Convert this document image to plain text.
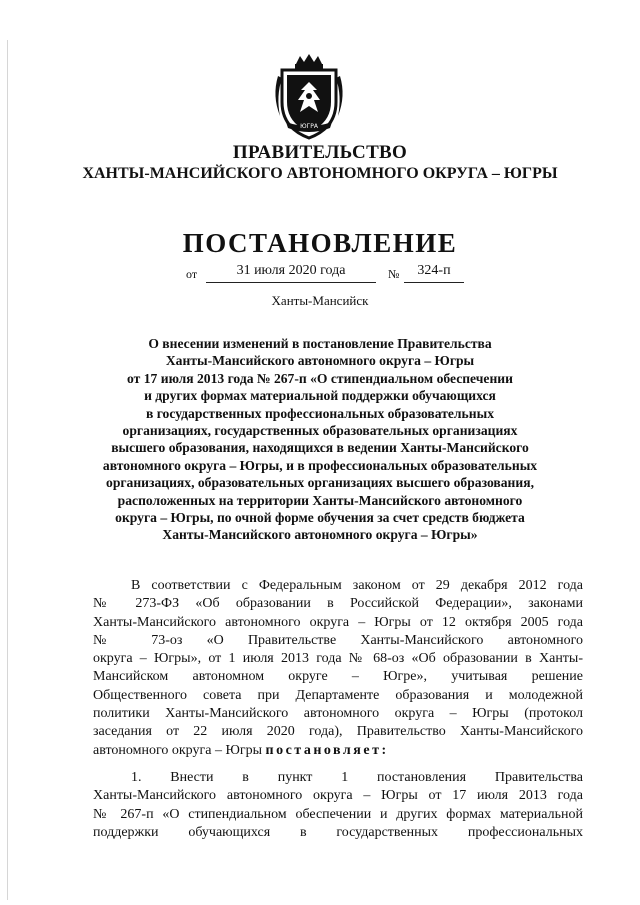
ЮГРА
ПРАВИТЕЛЬСТВО
ХАНТЫ-МАНСИЙСКОГО АВТОНОМНОГО ОКРУГА – ЮГРЫ
ПОСТАНОВЛЕНИЕ
от	31 июля 2020 года	№	324-п
Ханты-Мансийск
О внесении изменений в постановление Правительства
Ханты-Мансийского автономного округа – Югры
от 17 июля 2013 года № 267-п «О стипендиальном обеспечении
и других формах материальной поддержки обучающихся
в государственных профессиональных образовательных
организациях, государственных образовательных организациях
высшего образования, находящихся в ведении Ханты-Мансийского
автономного округа – Югры, и в профессиональных образовательных
организациях, образовательных организациях высшего образования,
расположенных на территории Ханты-Мансийского автономного
округа – Югры, по очной форме обучения за счет средств бюджета
Ханты-Мансийского автономного округа – Югры»
В соответствии с Федеральным законом от 29 декабря 2012 года
№ 273-ФЗ «Об образовании в Российской Федерации», законами
Ханты-Мансийского автономного округа – Югры от 12 октября 2005 года
№ 73-оз «О Правительстве Ханты-Мансийского автономного
округа – Югры», от 1 июля 2013 года № 68-оз «Об образовании в Ханты-
Мансийском автономном округе – Югре», учитывая решение
Общественного совета при Департаменте образования и молодежной
политики Ханты-Мансийского автономного округа – Югры (протокол
заседания от 22 июля 2020 года), Правительство Ханты-Мансийского
автономного округа – Югры постановляет:
1. Внести в пункт 1 постановления Правительства
Ханты-Мансийского автономного округа – Югры от 17 июля 2013 года
№ 267-п «О стипендиальном обеспечении и других формах материальной
поддержки обучающихся в государственных профессиональных
